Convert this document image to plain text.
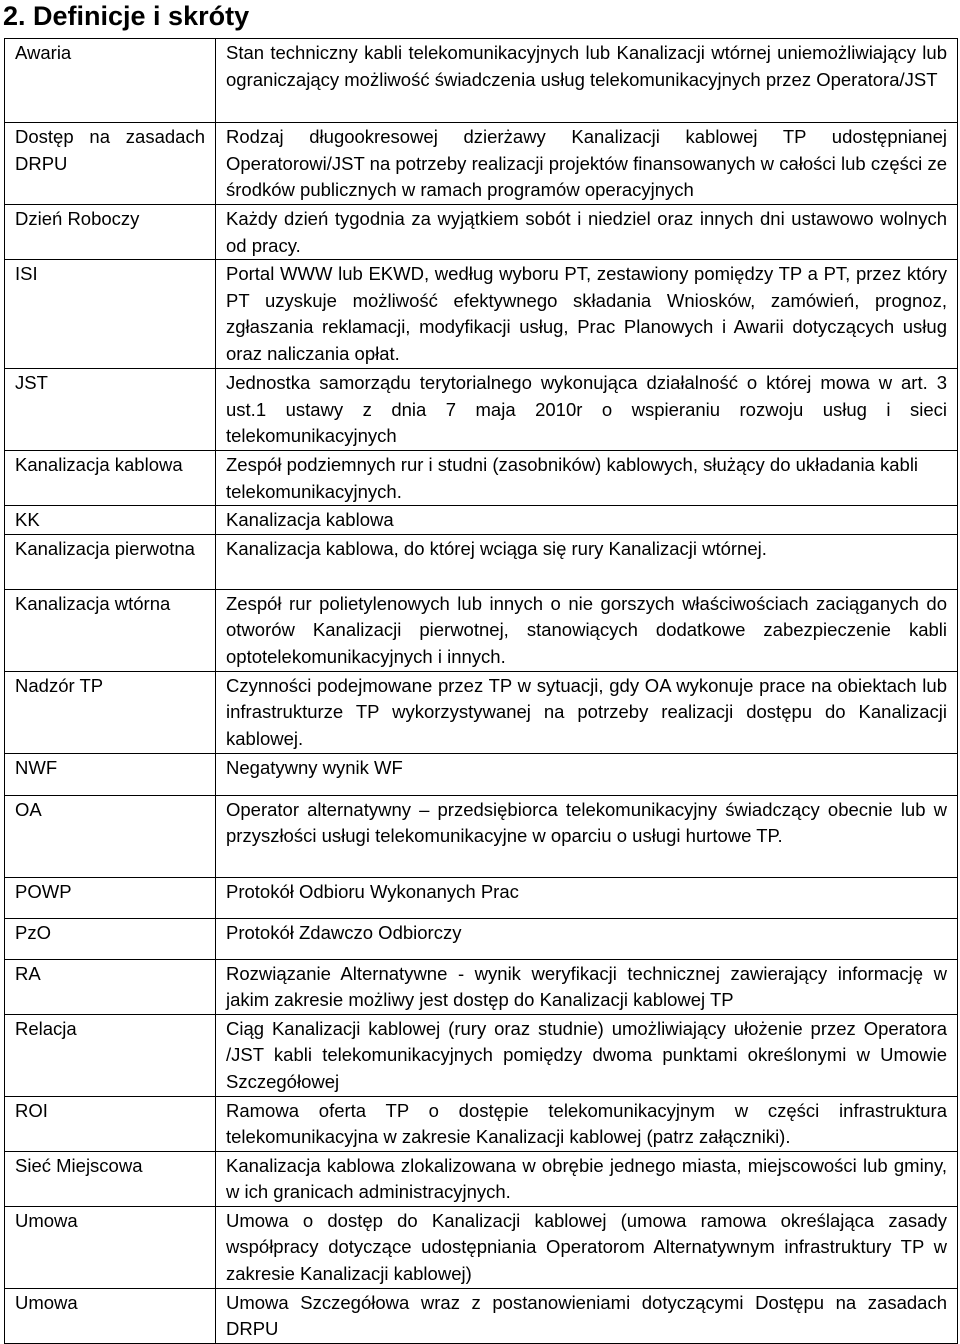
2. Definicje i skróty
Awaria	Stan techniczny kabli telekomunikacyjnych lub Kanalizacji wtórnej uniemożliwiający lub ograniczający możliwość świadczenia usług telekomunikacyjnych przez Operatora/JST

Dostęp na zasadach DRPU	Rodzaj długookresowej dzierżawy Kanalizacji kablowej TP udostępnianej Operatorowi/JST na potrzeby realizacji projektów finansowanych w całości lub części ze środków publicznych w ramach programów operacyjnych

Dzień Roboczy	Każdy dzień tygodnia za wyjątkiem sobót i niedziel oraz innych dni ustawowo wolnych od pracy.

ISI	Portal WWW lub EKWD, według wyboru PT, zestawiony pomiędzy TP a PT, przez który PT uzyskuje możliwość efektywnego składania Wniosków, zamówień, prognoz, zgłaszania reklamacji, modyfikacji usług, Prac Planowych i Awarii dotyczących usług oraz naliczania opłat.

JST	Jednostka samorządu terytorialnego wykonująca działalność o której mowa w art. 3 ust.1 ustawy z dnia 7 maja 2010r o wspieraniu rozwoju usług i sieci telekomunikacyjnych

Kanalizacja kablowa	Zespół podziemnych rur i studni (zasobników) kablowych, służący do układania kabli telekomunikacyjnych.

KK	Kanalizacja kablowa

Kanalizacja pierwotna	Kanalizacja kablowa, do której wciąga się rury Kanalizacji wtórnej.

Kanalizacja wtórna	Zespół rur polietylenowych lub innych o nie gorszych właściwościach zaciąganych do otworów Kanalizacji pierwotnej, stanowiących dodatkowe zabezpieczenie kabli optotelekomunikacyjnych i innych.

Nadzór TP	Czynności podejmowane przez TP w sytuacji, gdy OA wykonuje prace na obiektach lub infrastrukturze TP wykorzystywanej na potrzeby realizacji dostępu do Kanalizacji kablowej.

NWF	Negatywny wynik WF

OA	Operator alternatywny – przedsiębiorca telekomunikacyjny świadczący obecnie lub w przyszłości usługi telekomunikacyjne w oparciu o usługi hurtowe TP.

POWP	Protokół Odbioru Wykonanych Prac

PzO	Protokół Zdawczo Odbiorczy

RA	Rozwiązanie Alternatywne - wynik weryfikacji technicznej zawierający informację w jakim zakresie możliwy jest dostęp do Kanalizacji kablowej TP

Relacja	Ciąg Kanalizacji kablowej (rury oraz studnie) umożliwiający ułożenie przez Operatora /JST kabli telekomunikacyjnych pomiędzy dwoma punktami określonymi w Umowie Szczegółowej

ROI	Ramowa oferta TP o dostępie telekomunikacyjnym w części infrastruktura telekomunikacyjna w zakresie Kanalizacji kablowej (patrz załączniki).

Sieć Miejscowa	Kanalizacja kablowa zlokalizowana w obrębie jednego miasta, miejscowości lub gminy, w ich granicach administracyjnych.

Umowa	Umowa o dostęp do Kanalizacji kablowej (umowa ramowa określająca zasady współpracy dotyczące udostępniania Operatorom Alternatywnym infrastruktury TP w zakresie Kanalizacji kablowej)

Umowa	Umowa Szczegółowa wraz z postanowieniami dotyczącymi Dostępu na zasadach DRPU
